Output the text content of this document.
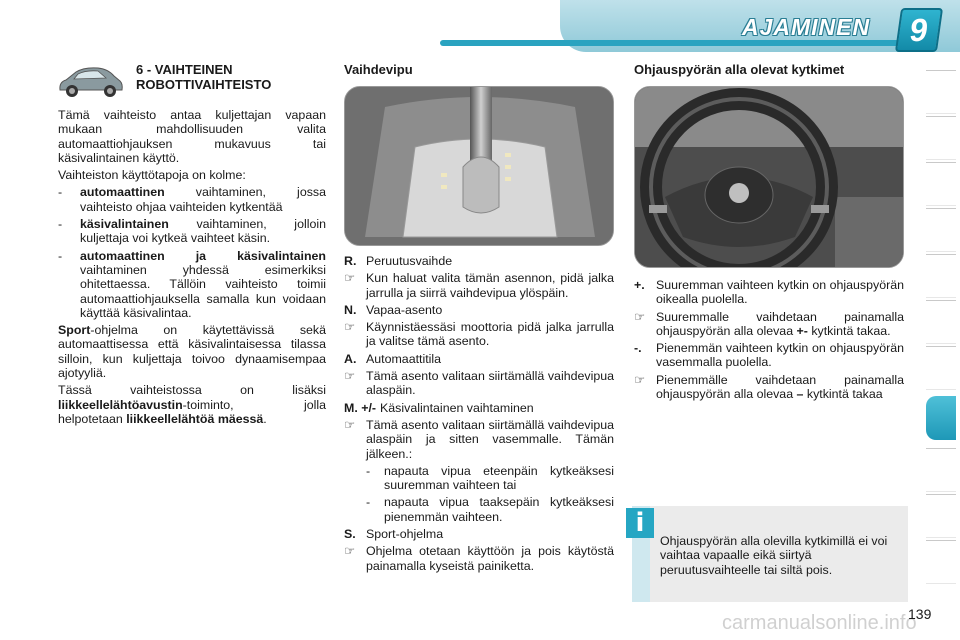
AJAMINEN 9
6 - VAIHTEINEN
ROBOTTIVAIHTEISTO

Tämä vaihteisto antaa kuljettajan vapaan mukaan mahdollisuuden valita automaattiohjauksen mukavuus tai käsivalintainen käyttö.

Vaihteiston käyttötapoja on kolme:

-	automaattinen vaihtaminen, jossa vaihteisto ohjaa vaihteiden kytkentää
-	käsivalintainen vaihtaminen, jolloin kuljettaja voi kytkeä vaihteet käsin.
-	automaattinen ja käsivalintainen vaihtaminen yhdessä esimerkiksi ohitettaessa. Tällöin vaihteisto toimii automaattiohjauksella samalla kun voidaan käyttää käsivalintaa.

Sport-ohjelma on käytettävissä sekä automaattisessa että käsivalintaisessa tilassa silloin, kun kuljettaja toivoo dynaamisempaa ajotyyliä.

Tässä vaihteistossa on lisäksi liikkeellelähtöavustin-toiminto, jolla helpotetaan liikkeellelähtöä mäessä.

Vaihdevipu
R. Peruutusvaihde
☞ Kun haluat valita tämän asennon, pidä jalka jarrulla ja siirrä vaihdevipua ylöspäin.
N. Vapaa-asento
☞ Käynnistäessäsi moottoria pidä jalka jarrulla ja valitse tämä asento.
A. Automaattitila
☞ Tämä asento valitaan siirtämällä vaihdevipua alaspäin.
M. +/- Käsivalintainen vaihtaminen
☞ Tämä asento valitaan siirtämällä vaihdevipua alaspäin ja sitten vasemmalle. Tämän jälkeen.:
-	napauta vipua eteenpäin kytkeäksesi suuremman vaihteen tai
-	napauta vipua taaksepäin kytkeäksesi pienemmän vaihteen.
S. Sport-ohjelma
☞ Ohjelma otetaan käyttöön ja pois käytöstä painamalla kyseistä painiketta.
Ohjauspyörän alla olevat kytkimet
+. Suuremman vaihteen kytkin on ohjauspyörän oikealla puolella.
☞ Suuremmalle vaihdetaan painamalla ohjauspyörän alla olevaa +- kytkintä takaa.
-.	Pienemmän vaihteen kytkin on ohjauspyörän vasemmalla puolella.
☞ Pienemmälle vaihdetaan painamalla ohjauspyörän alla olevaa – kytkintä takaa
i
Ohjauspyörän alla olevilla kytkimillä ei voi vaihtaa vapaalle eikä siirtyä peruutusvaihteelle tai siltä pois.
carmanualsonline.info
139
